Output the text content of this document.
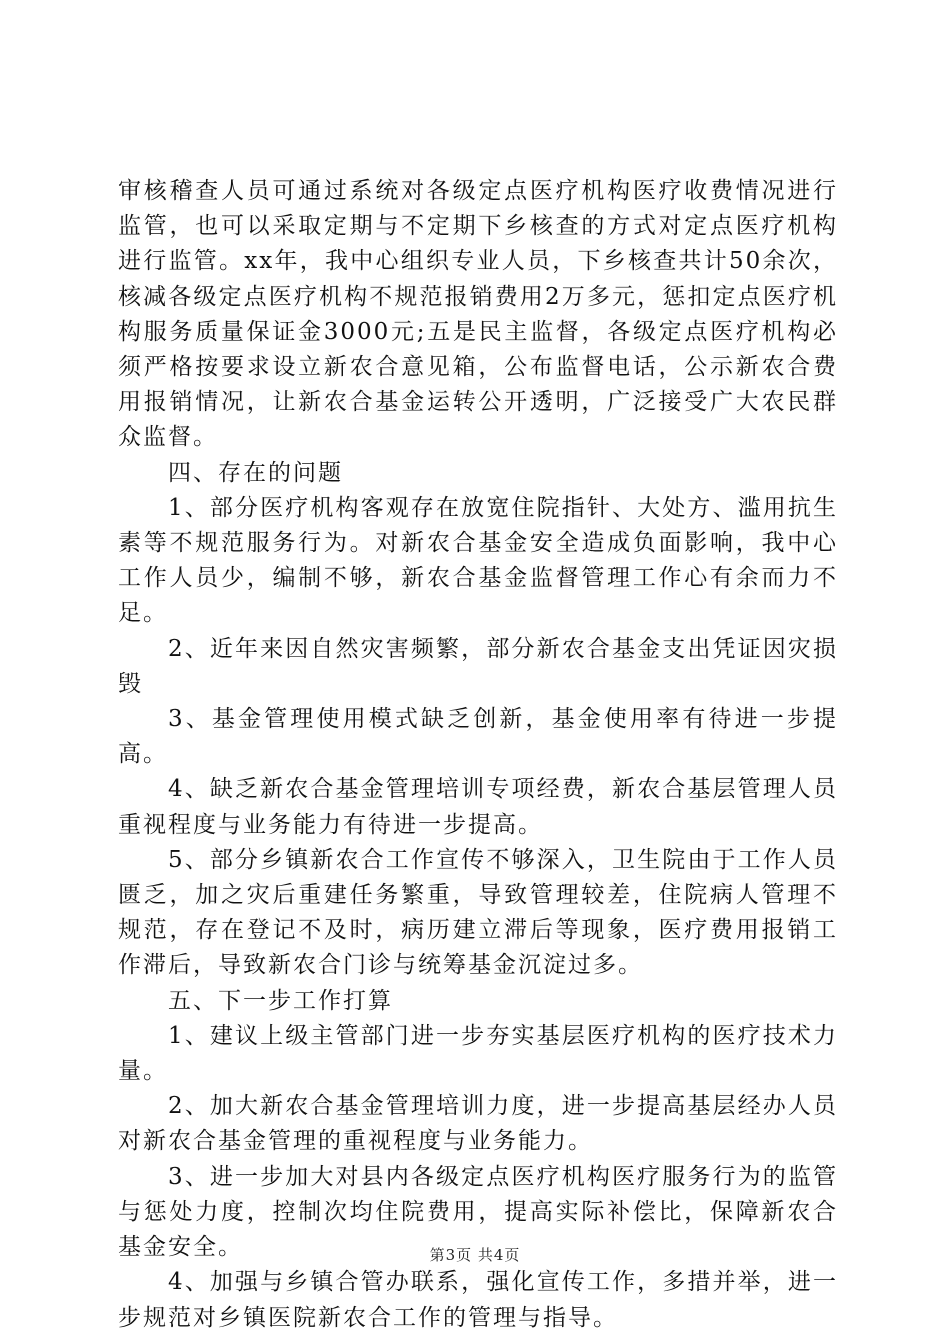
审核稽查人员可通过系统对各级定点医疗机构医疗收费情况进行监管，也可以采取定期与不定期下乡核查的方式对定点医疗机构进行监管。xx年，我中心组织专业人员，下乡核查共计50余次，核减各级定点医疗机构不规范报销费用2万多元，惩扣定点医疗机构服务质量保证金3000元;五是民主监督，各级定点医疗机构必须严格按要求设立新农合意见箱，公布监督电话，公示新农合费用报销情况，让新农合基金运转公开透明，广泛接受广大农民群众监督。

四、存在的问题

1、部分医疗机构客观存在放宽住院指针、大处方、滥用抗生素等不规范服务行为。对新农合基金安全造成负面影响，我中心工作人员少，编制不够，新农合基金监督管理工作心有余而力不足。

2、近年来因自然灾害频繁，部分新农合基金支出凭证因灾损毁

3、基金管理使用模式缺乏创新，基金使用率有待进一步提高。

4、缺乏新农合基金管理培训专项经费，新农合基层管理人员重视程度与业务能力有待进一步提高。

5、部分乡镇新农合工作宣传不够深入，卫生院由于工作人员匮乏，加之灾后重建任务繁重，导致管理较差，住院病人管理不规范，存在登记不及时，病历建立滞后等现象，医疗费用报销工作滞后，导致新农合门诊与统筹基金沉淀过多。

五、下一步工作打算

1、建议上级主管部门进一步夯实基层医疗机构的医疗技术力量。

2、加大新农合基金管理培训力度，进一步提高基层经办人员对新农合基金管理的重视程度与业务能力。

3、进一步加大对县内各级定点医疗机构医疗服务行为的监管与惩处力度，控制次均住院费用，提高实际补偿比，保障新农合基金安全。

4、加强与乡镇合管办联系，强化宣传工作，多措并举，进一步规范对乡镇医院新农合工作的管理与指导。

第3页 共4页
